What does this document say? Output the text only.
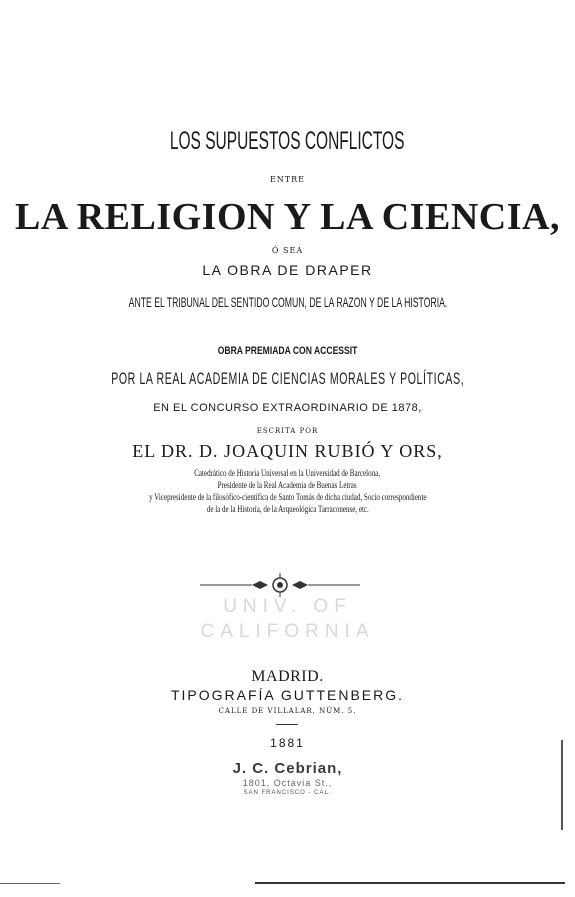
LOS SUPUESTOS CONFLICTOS
ENTRE
LA RELIGION Y LA CIENCIA,
Ó SEA
LA OBRA DE DRAPER
ANTE EL TRIBUNAL DEL SENTIDO COMUN, DE LA RAZON Y DE LA HISTORIA.
OBRA PREMIADA CON ACCESSIT
POR LA REAL ACADEMIA DE CIENCIAS MORALES Y POLÍTICAS,
EN EL CONCURSO EXTRAORDINARIO DE 1878,
ESCRITA POR
EL DR. D. JOAQUIN RUBIÓ Y ORS,
Catedrático de Historia Universal en la Universidad de Barcelona,
Presidente de la Real Academia de Buenas Letras
y Vicepresidente de la filosófico-científica de Santo Tomás de dicha ciudad, Socio correspondiente
de la de la Historia, de la Arqueológica Tarraconense, etc.
UNIV. OF
CALIFORNIA
MADRID.
TIPOGRAFÍA GUTTENBERG.
CALLE DE VILLALAR, NÚM. 5.
1881
J. C. Cebrian,
1801, Octavia St.,
SAN FRANCISCO - CAL.
